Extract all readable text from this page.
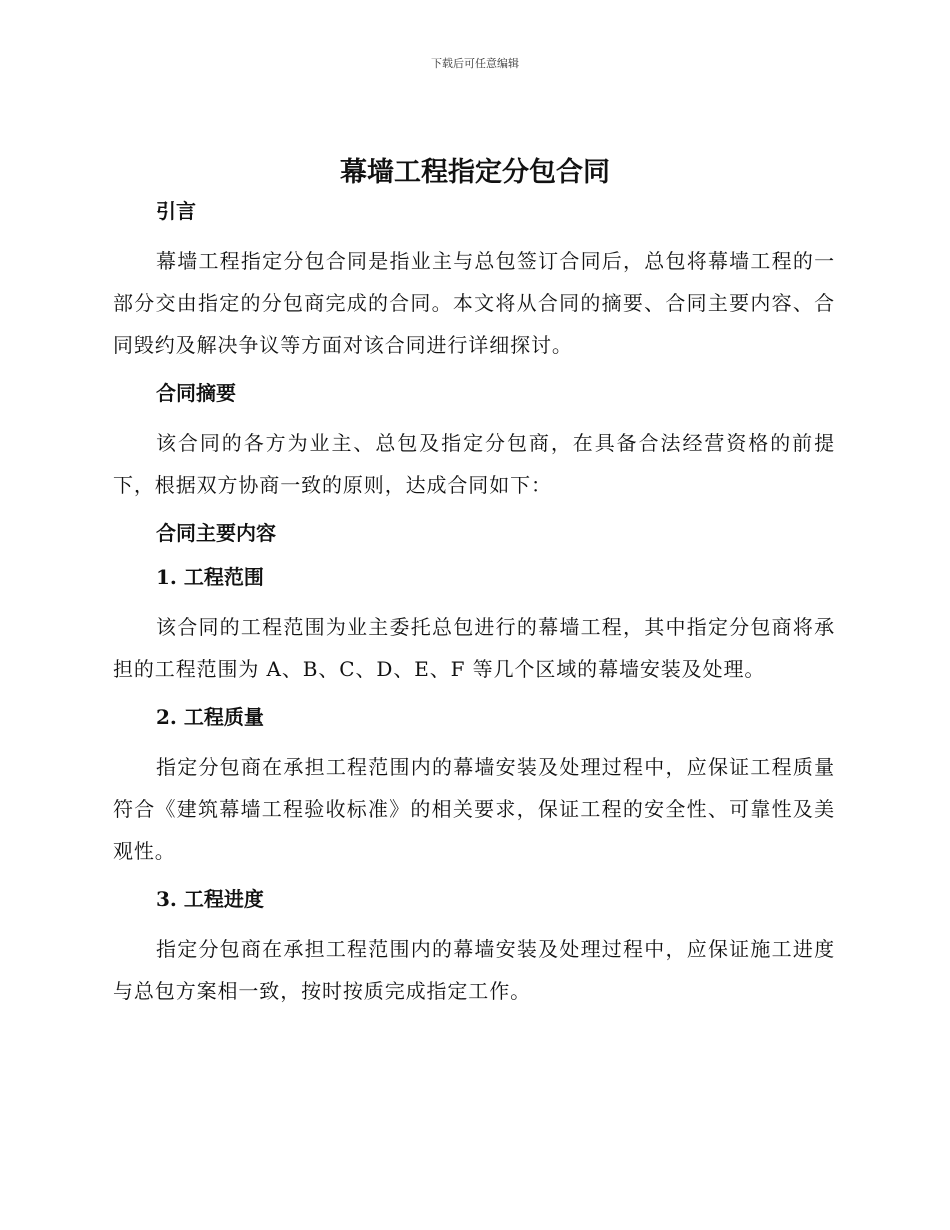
下载后可任意编辑
幕墙工程指定分包合同
引言

幕墙工程指定分包合同是指业主与总包签订合同后，总包将幕墙工程的一部分交由指定的分包商完成的合同。本文将从合同的摘要、合同主要内容、合同毁约及解决争议等方面对该合同进行详细探讨。

合同摘要

该合同的各方为业主、总包及指定分包商，在具备合法经营资格的前提下，根据双方协商一致的原则，达成合同如下：

合同主要内容
1. 工程范围

该合同的工程范围为业主委托总包进行的幕墙工程，其中指定分包商将承担的工程范围为 A、B、C、D、E、F 等几个区域的幕墙安装及处理。

2. 工程质量

指定分包商在承担工程范围内的幕墙安装及处理过程中，应保证工程质量符合《建筑幕墙工程验收标准》的相关要求，保证工程的安全性、可靠性及美观性。

3. 工程进度

指定分包商在承担工程范围内的幕墙安装及处理过程中，应保证施工进度与总包方案相一致，按时按质完成指定工作。
